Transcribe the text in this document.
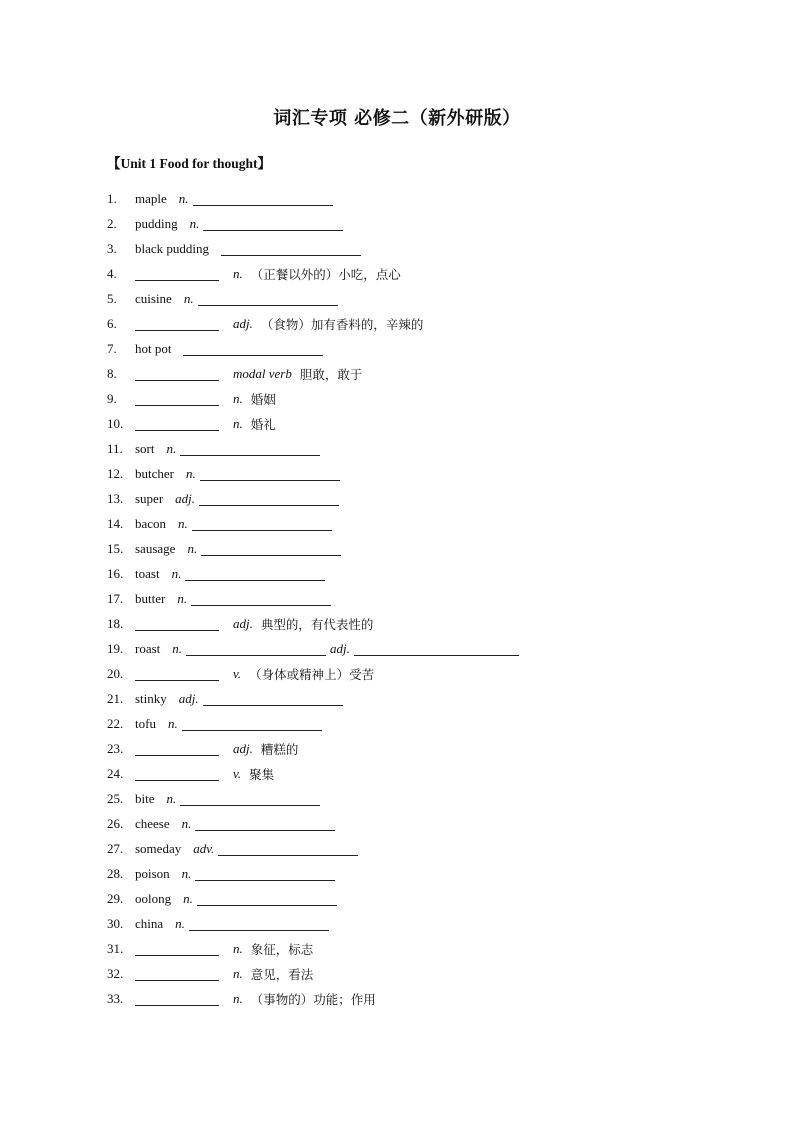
词汇专项 必修二（新外研版）
【Unit 1 Food for thought】
1.	maple n.
2.	pudding n.
3.	black pudding
4.	n. （正餐以外的）小吃，点心
5.	cuisine n.
6.	adj. （食物）加有香料的，辛辣的
7.	hot pot
8.	modal verb 胆敢，敢于
9.	n. 婚姻
10.	n. 婚礼
11. sort n.
12. butcher n.
13. super adj.
14. bacon n.
15. sausage n.
16. toast n.
17. butter n.
18.	adj. 典型的，有代表性的
19. roast n.	adj.
20.	v. （身体或精神上）受苦
21. stinky adj.
22. tofu n.
23.	adj. 糟糕的
24.	v. 聚集
25. bite n.
26. cheese n.
27. someday adv.
28. poison n.
29. oolong n.
30. china n.
31.	n. 象征，标志
32.	n. 意见，看法
33.	n. （事物的）功能；作用
